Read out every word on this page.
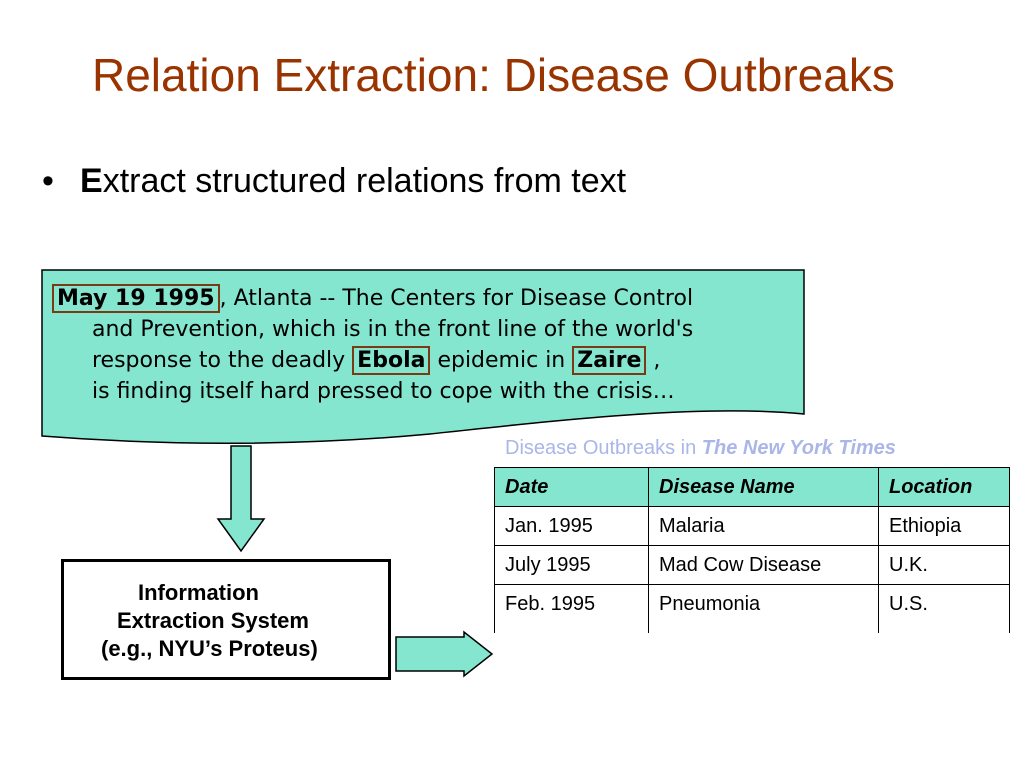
Relation Extraction: Disease Outbreaks
• Extract structured relations from text
May 19 1995 , Atlanta -- The Centers for Disease Control
and Prevention, which is in the front line of the world's
response to the deadly Ebola epidemic in Zaire ,
is finding itself hard pressed to cope with the crisis…
Information
Extraction System
(e.g., NYU’s Proteus)
Disease Outbreaks in The New York Times
Date	Disease Name	Location
Jan. 1995	Malaria	Ethiopia
July 1995	Mad Cow Disease	U.K.
Feb. 1995	Pneumonia	U.S.
